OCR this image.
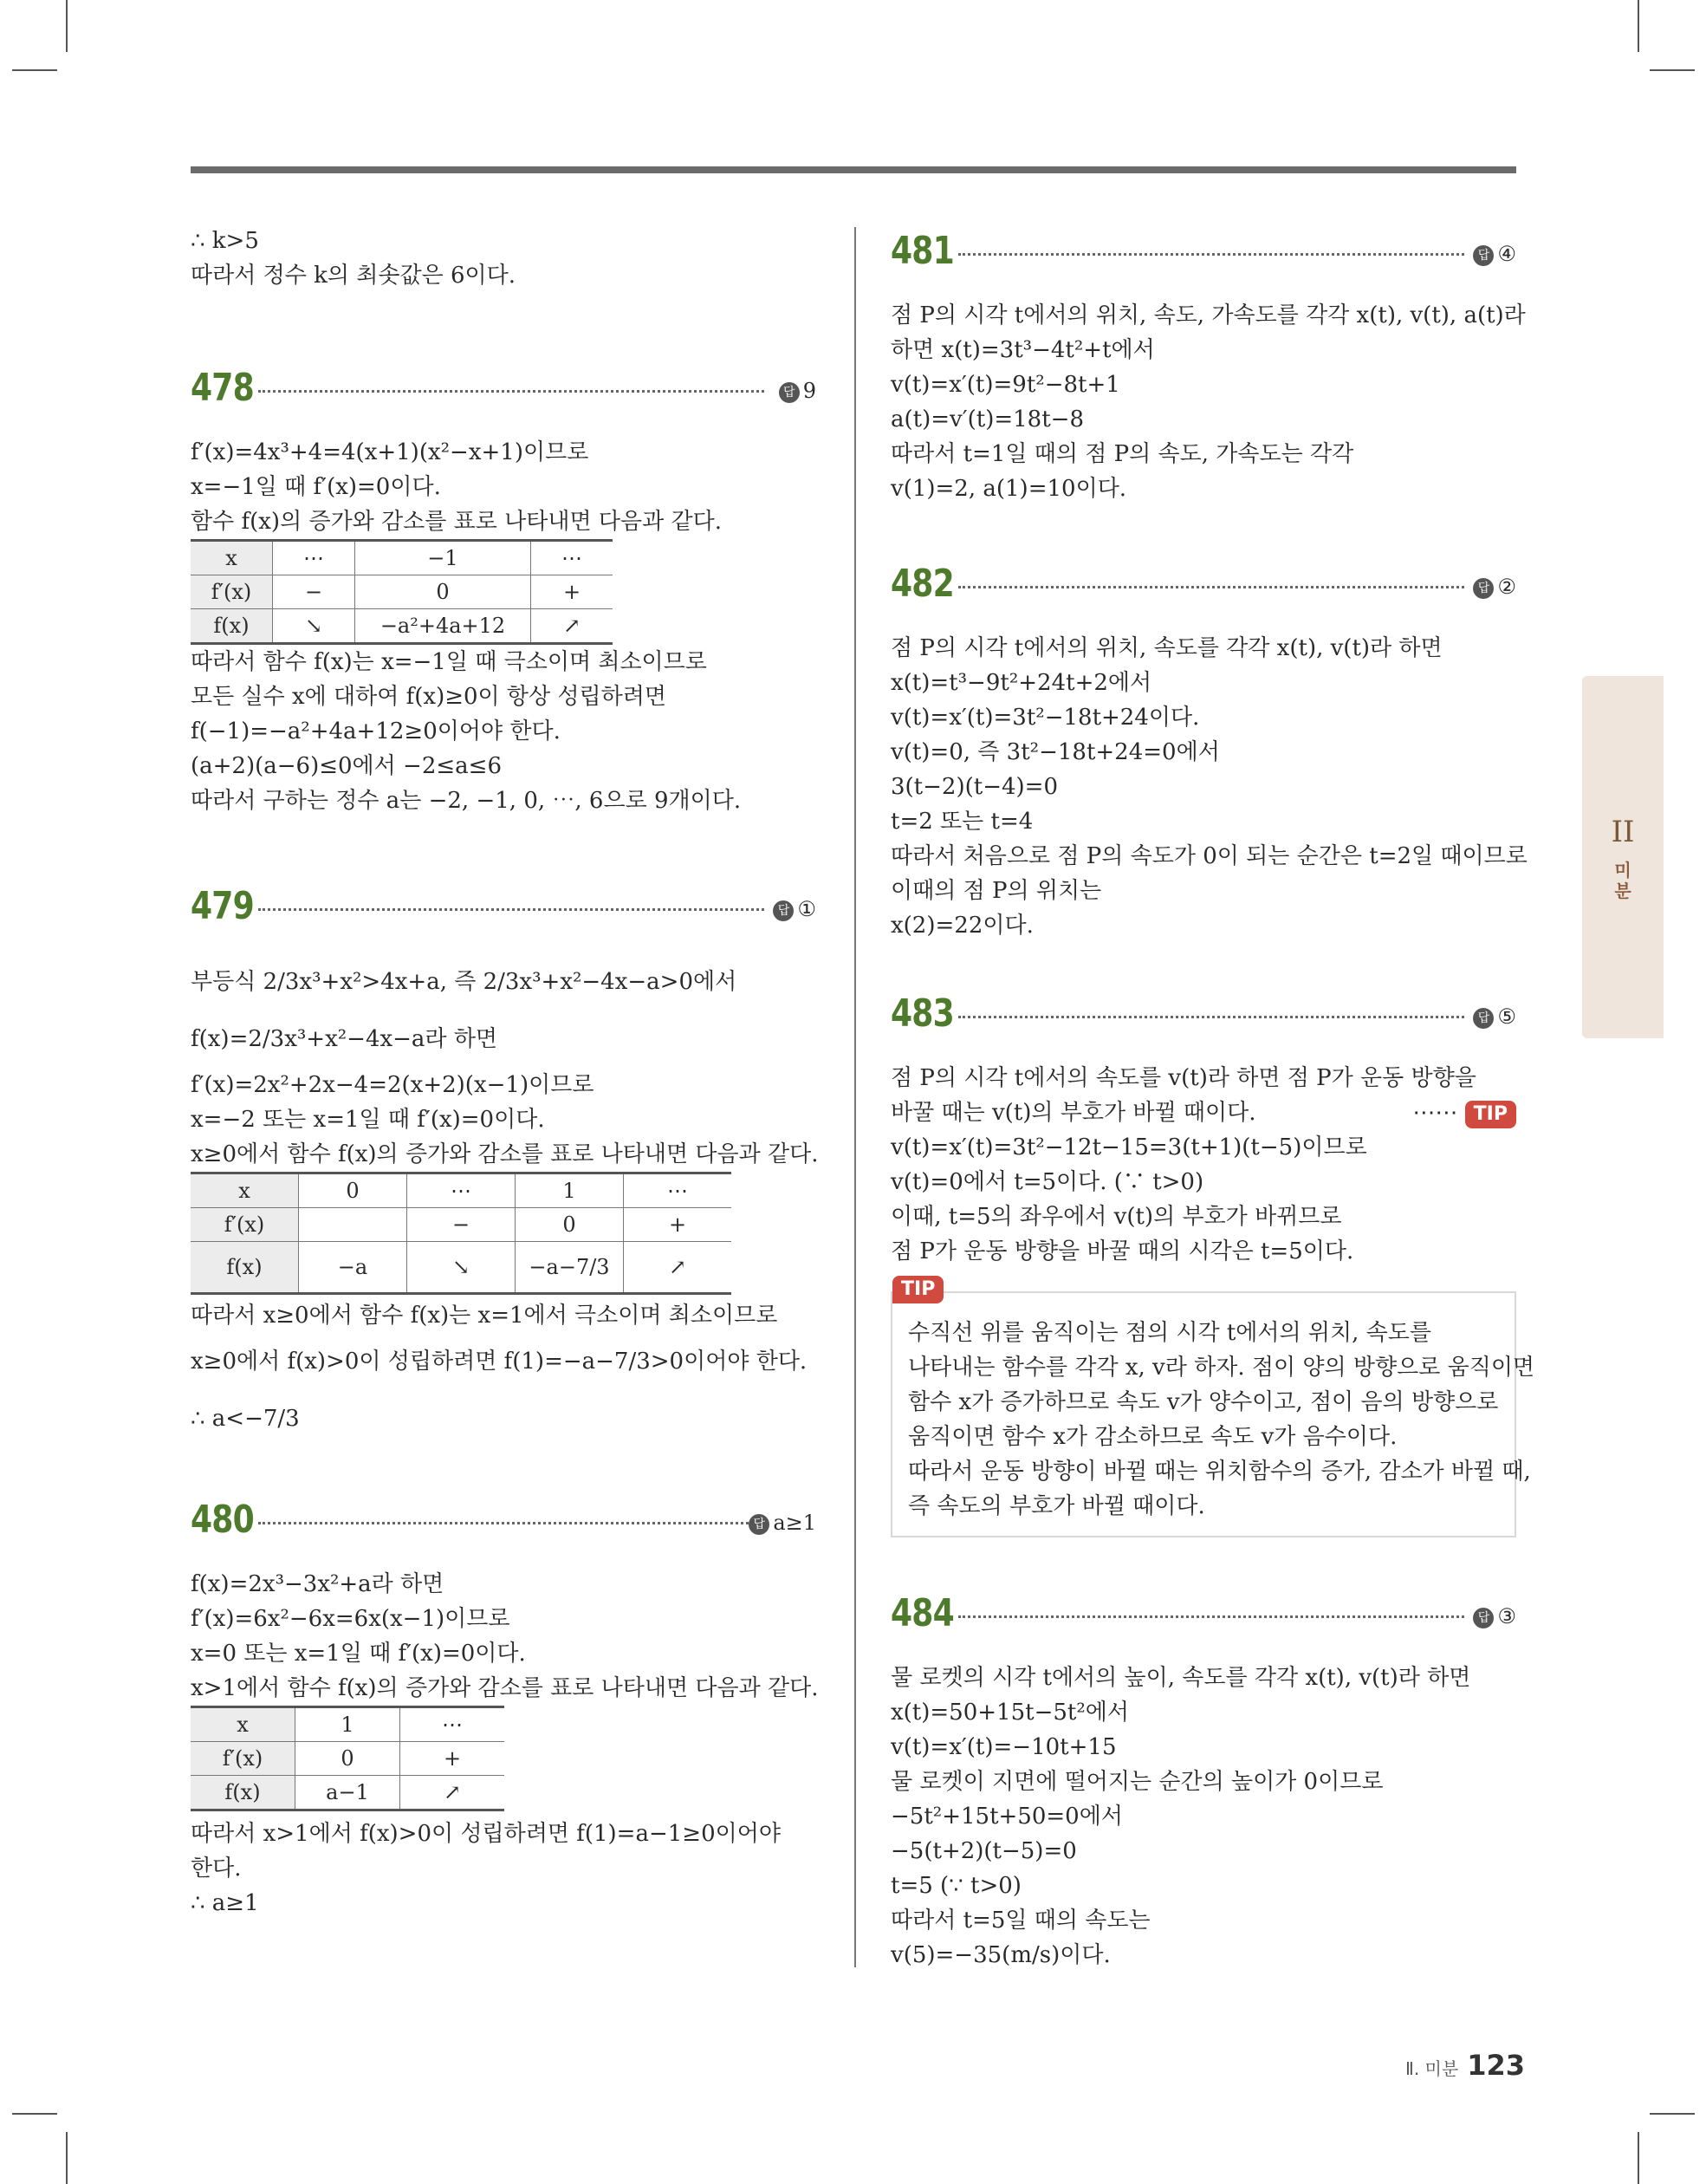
∴ k>5
따라서 정수 k의 최솟값은 6이다.
478	답 9
f′(x)=4x³+4=4(x+1)(x²−x+1)이므로
x=−1일 때 f′(x)=0이다.
함수 f(x)의 증가와 감소를 표로 나타내면 다음과 같다.
x	⋯	−1	⋯
f′(x)	−	0	+
f(x)	↘	−a²+4a+12	↗
따라서 함수 f(x)는 x=−1일 때 극소이며 최소이므로
모든 실수 x에 대하여 f(x)≥0이 항상 성립하려면
f(−1)=−a²+4a+12≥0이어야 한다.
(a+2)(a−6)≤0에서 −2≤a≤6
따라서 구하는 정수 a는 −2, −1, 0, ⋯, 6으로 9개이다.
479	답 ①
부등식 2/3x³+x²>4x+a, 즉 2/3x³+x²−4x−a>0에서
f(x)=2/3x³+x²−4x−a라 하면
f′(x)=2x²+2x−4=2(x+2)(x−1)이므로
x=−2 또는 x=1일 때 f′(x)=0이다.
x≥0에서 함수 f(x)의 증가와 감소를 표로 나타내면 다음과 같다.
x	0	⋯	1	⋯
f′(x)		−	0	+
f(x)	−a	↘	−a−7/3	↗
따라서 x≥0에서 함수 f(x)는 x=1에서 극소이며 최소이므로
x≥0에서 f(x)>0이 성립하려면 f(1)=−a−7/3>0이어야 한다.
∴ a<−7/3
480	답 a≥1
f(x)=2x³−3x²+a라 하면
f′(x)=6x²−6x=6x(x−1)이므로
x=0 또는 x=1일 때 f′(x)=0이다.
x>1에서 함수 f(x)의 증가와 감소를 표로 나타내면 다음과 같다.
x	1	⋯
f′(x)	0	+
f(x)	a−1	↗
따라서 x>1에서 f(x)>0이 성립하려면 f(1)=a−1≥0이어야
한다.
∴ a≥1
481	답 ④
점 P의 시각 t에서의 위치, 속도, 가속도를 각각 x(t), v(t), a(t)라
하면 x(t)=3t³−4t²+t에서
v(t)=x′(t)=9t²−8t+1
a(t)=v′(t)=18t−8
따라서 t=1일 때의 점 P의 속도, 가속도는 각각
v(1)=2, a(1)=10이다.
482	답 ②
점 P의 시각 t에서의 위치, 속도를 각각 x(t), v(t)라 하면
x(t)=t³−9t²+24t+2에서
v(t)=x′(t)=3t²−18t+24이다.
v(t)=0, 즉 3t²−18t+24=0에서
3(t−2)(t−4)=0
t=2 또는 t=4
따라서 처음으로 점 P의 속도가 0이 되는 순간은 t=2일 때이므로
이때의 점 P의 위치는
x(2)=22이다.
483	답 ⑤
점 P의 시각 t에서의 속도를 v(t)라 하면 점 P가 운동 방향을
바꿀 때는 v(t)의 부호가 바뀔 때이다.	⋯⋯ TIP
v(t)=x′(t)=3t²−12t−15=3(t+1)(t−5)이므로
v(t)=0에서 t=5이다. (∵ t>0)
이때, t=5의 좌우에서 v(t)의 부호가 바뀌므로
점 P가 운동 방향을 바꿀 때의 시각은 t=5이다.
TIP
수직선 위를 움직이는 점의 시각 t에서의 위치, 속도를
나타내는 함수를 각각 x, v라 하자. 점이 양의 방향으로 움직이면
함수 x가 증가하므로 속도 v가 양수이고, 점이 음의 방향으로
움직이면 함수 x가 감소하므로 속도 v가 음수이다.
따라서 운동 방향이 바뀔 때는 위치함수의 증가, 감소가 바뀔 때,
즉 속도의 부호가 바뀔 때이다.
484	답 ③
물 로켓의 시각 t에서의 높이, 속도를 각각 x(t), v(t)라 하면
x(t)=50+15t−5t²에서
v(t)=x′(t)=−10t+15
물 로켓이 지면에 떨어지는 순간의 높이가 0이므로
−5t²+15t+50=0에서
−5(t+2)(t−5)=0
t=5 (∵ t>0)
따라서 t=5일 때의 속도는
v(5)=−35(m/s)이다.
II
미
분
Ⅱ. 미분 123
